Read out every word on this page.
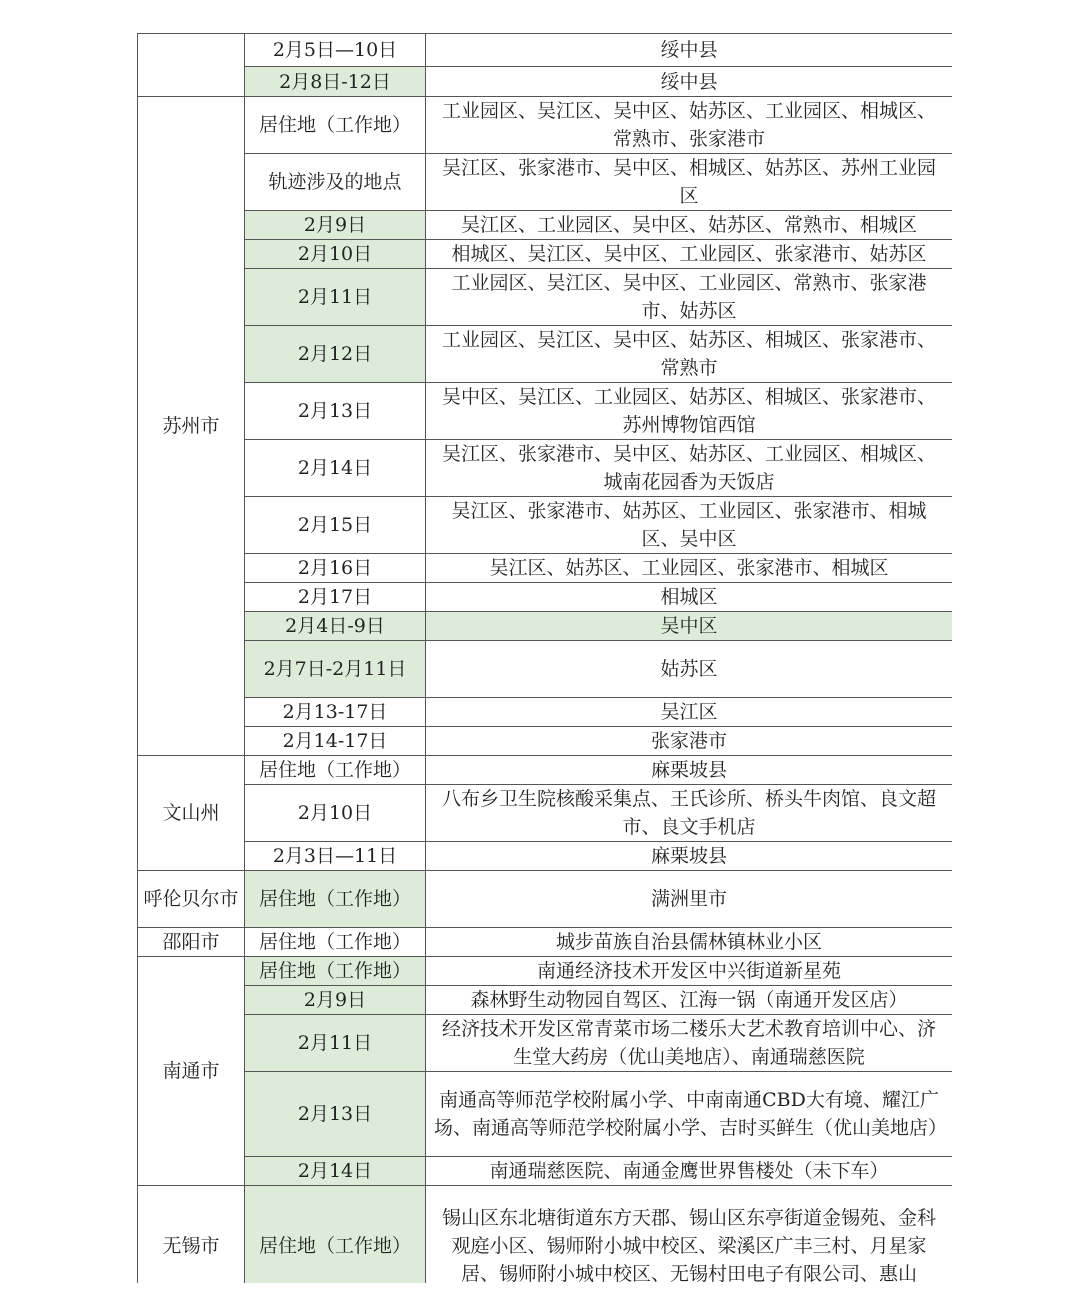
	2月5日—10日	绥中县
	2月8日-12日	绥中县
苏州市	居住地（工作地）	工业园区、吴江区、吴中区、姑苏区、工业园区、相城区、常熟市、张家港市
	轨迹涉及的地点	吴江区、张家港市、吴中区、相城区、姑苏区、苏州工业园区
	2月9日	吴江区、工业园区、吴中区、姑苏区、常熟市、相城区
	2月10日	相城区、吴江区、吴中区、工业园区、张家港市、姑苏区
	2月11日	工业园区、吴江区、吴中区、工业园区、常熟市、张家港市、姑苏区
	2月12日	工业园区、吴江区、吴中区、姑苏区、相城区、张家港市、常熟市
	2月13日	吴中区、吴江区、工业园区、姑苏区、相城区、张家港市、苏州博物馆西馆
	2月14日	吴江区、张家港市、吴中区、姑苏区、工业园区、相城区、城南花园香为天饭店
	2月15日	吴江区、张家港市、姑苏区、工业园区、张家港市、相城区、吴中区
	2月16日	吴江区、姑苏区、工业园区、张家港市、相城区
	2月17日	相城区
	2月4日-9日	吴中区
	2月7日-2月11日	姑苏区
	2月13-17日	吴江区
	2月14-17日	张家港市
文山州	居住地（工作地）	麻栗坡县
	2月10日	八布乡卫生院核酸采集点、王氏诊所、桥头牛肉馆、良文超市、良文手机店
	2月3日—11日	麻栗坡县
呼伦贝尔市	居住地（工作地）	满洲里市
邵阳市	居住地（工作地）	城步苗族自治县儒林镇林业小区
南通市	居住地（工作地）	南通经济技术开发区中兴街道新星苑
	2月9日	森林野生动物园自驾区、江海一锅（南通开发区店）
	2月11日	经济技术开发区常青菜市场二楼乐大艺术教育培训中心、济生堂大药房（优山美地店）、南通瑞慈医院
	2月13日	南通高等师范学校附属小学、中南南通CBD大有境、耀江广场、南通高等师范学校附属小学、吉时买鲜生（优山美地店）
	2月14日	南通瑞慈医院、南通金鹰世界售楼处（未下车）
无锡市	居住地（工作地）	锡山区东北塘街道东方天郡、锡山区东亭街道金锡苑、金科观庭小区、锡师附小城中校区、梁溪区广丰三村、月星家居、锡师附小城中校区、无锡村田电子有限公司、惠山
